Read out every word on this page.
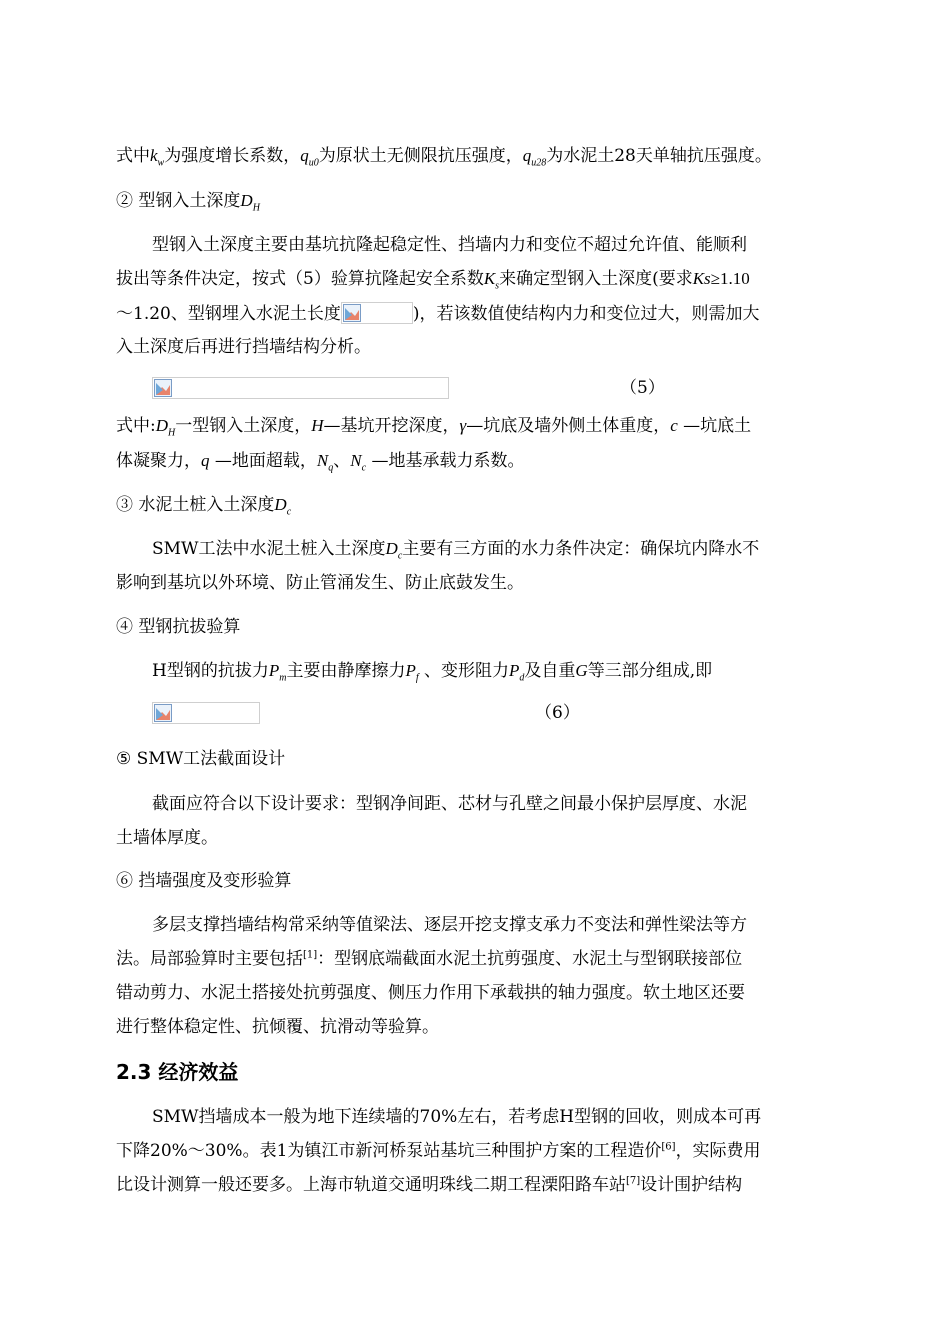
式中$k_w$为强度增长系数，$q_{u0}$为原状土无侧限抗压强度，$q_{u28}$为水泥土28天单轴抗压强度。

② 型钢入土深度$D_H$

型钢入土深度主要由基坑抗隆起稳定性、挡墙内力和变位不超过允许值、能顺利

拔出等条件决定，按式（5）验算抗隆起安全系数$K_s$来确定型钢入土深度(要求Ks≥1.10

～1.20、型钢埋入水泥土长度	)，若该数值使结构内力和变位过大，则需加大

入土深度后再进行挡墙结构分析。

（5）

式中$:D_H$一型钢入土深度，H—基坑开挖深度，γ—坑底及墙外侧土体重度，c —坑底土

体凝聚力，q —地面超载，$N_q$、$N_c$ —地基承载力系数。

③ 水泥土桩入土深度$D_c$

SMW工法中水泥土桩入土深度$D_c$主要有三方面的水力条件决定：确保坑内降水不

影响到基坑以外环境、防止管涌发生、防止底鼓发生。

④ 型钢抗拔验算

H型钢的抗拔力$P_m$主要由静摩擦力$P_f$ 、变形阻力$P_d$及自重G等三部分组成,即

（6）

⑤ SMW工法截面设计

截面应符合以下设计要求：型钢净间距、芯材与孔壁之间最小保护层厚度、水泥

土墙体厚度。

⑥ 挡墙强度及变形验算

多层支撑挡墙结构常采纳等值梁法、逐层开挖支撑支承力不变法和弹性梁法等方

法。局部验算时主要包括[1]：型钢底端截面水泥土抗剪强度、水泥土与型钢联接部位

错动剪力、水泥土搭接处抗剪强度、侧压力作用下承载拱的轴力强度。软土地区还要

进行整体稳定性、抗倾覆、抗滑动等验算。

2.3 经济效益

SMW挡墙成本一般为地下连续墙的70%左右，若考虑H型钢的回收，则成本可再

下降20%～30%。表1为镇江市新河桥泵站基坑三种围护方案的工程造价[6]，实际费用

比设计测算一般还要多。上海市轨道交通明珠线二期工程溧阳路车站[7]设计围护结构
